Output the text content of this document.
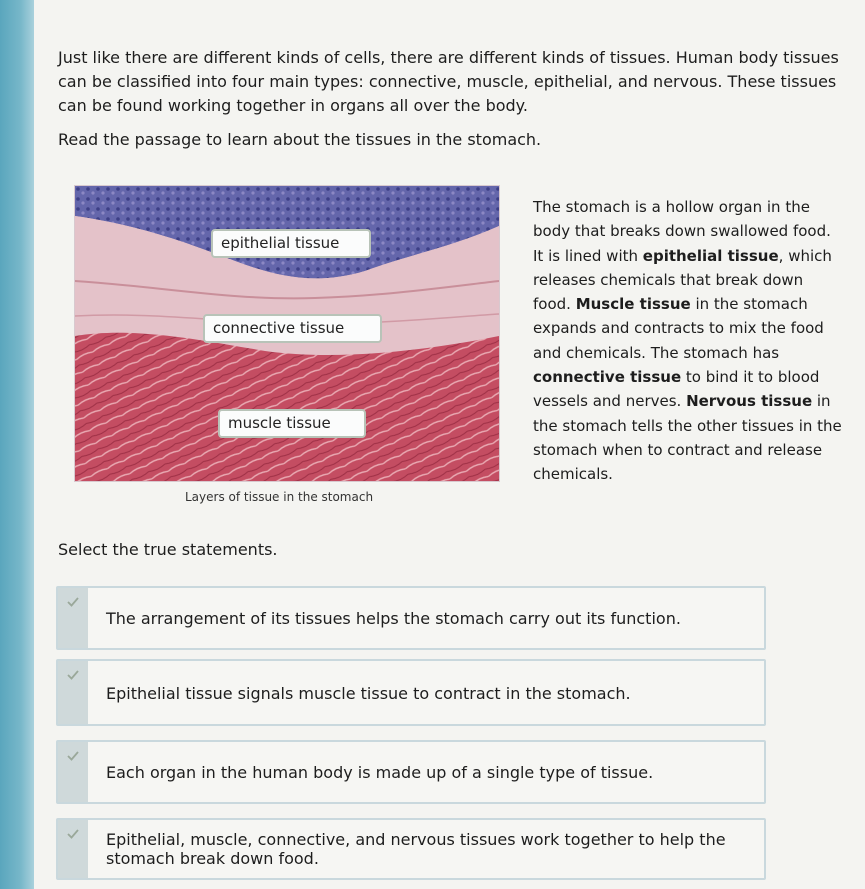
Just like there are different kinds of cells, there are different kinds of tissues. Human body tissues can be classified into four main types: connective, muscle, epithelial, and nervous. These tissues can be found working together in organs all over the body.

Read the passage to learn about the tissues in the stomach.

epithelial tissue
connective tissue
muscle tissue
Layers of tissue in the stomach

The stomach is a hollow organ in the body that breaks down swallowed food. It is lined with epithelial tissue, which releases chemicals that break down food. Muscle tissue in the stomach expands and contracts to mix the food and chemicals. The stomach has connective tissue to bind it to blood vessels and nerves. Nervous tissue in the stomach tells the other tissues in the stomach when to contract and release chemicals.

Select the true statements.

The arrangement of its tissues helps the stomach carry out its function.
Epithelial tissue signals muscle tissue to contract in the stomach.
Each organ in the human body is made up of a single type of tissue.
Epithelial, muscle, connective, and nervous tissues work together to help the stomach break down food.
